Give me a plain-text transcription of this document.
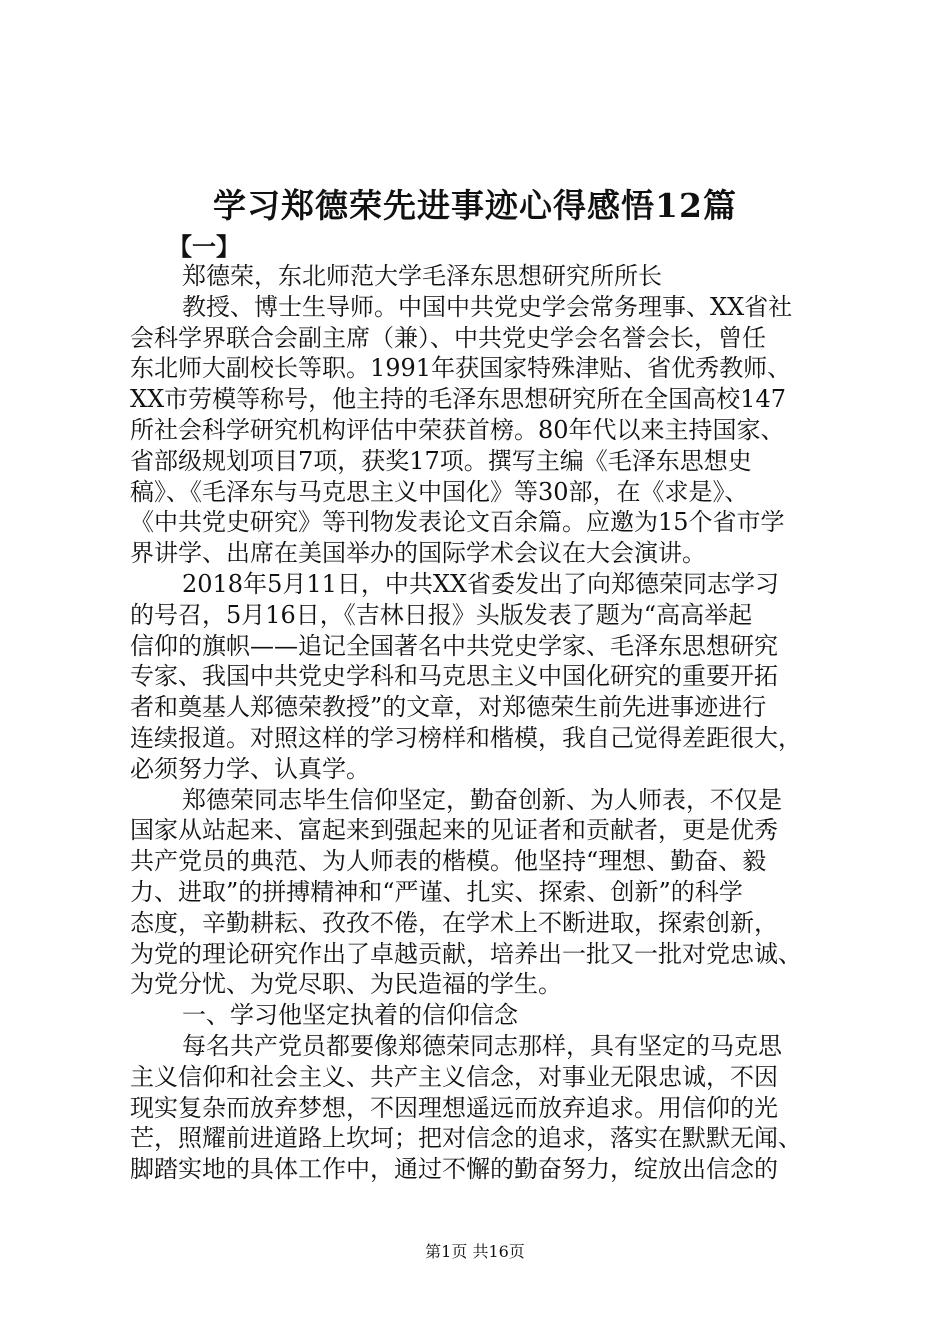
学习郑德荣先进事迹心得感悟12篇
【一】
郑德荣，东北师范大学毛泽东思想研究所所长
教授、博士生导师。中国中共党史学会常务理事、XX省社
会科学界联合会副主席（兼）、中共党史学会名誉会长，曾任
东北师大副校长等职。1991年获国家特殊津贴、省优秀教师、
XX市劳模等称号，他主持的毛泽东思想研究所在全国高校147
所社会科学研究机构评估中荣获首榜。80年代以来主持国家、
省部级规划项目7项，获奖17项。撰写主编《毛泽东思想史
稿》、《毛泽东与马克思主义中国化》等30部，在《求是》、
《中共党史研究》等刊物发表论文百余篇。应邀为15个省市学
界讲学、出席在美国举办的国际学术会议在大会演讲。
2018年5月11日，中共XX省委发出了向郑德荣同志学习
的号召，5月16日，《吉林日报》头版发表了题为“高高举起
信仰的旗帜——追记全国著名中共党史学家、毛泽东思想研究
专家、我国中共党史学科和马克思主义中国化研究的重要开拓
者和奠基人郑德荣教授”的文章，对郑德荣生前先进事迹进行
连续报道。对照这样的学习榜样和楷模，我自己觉得差距很大，
必须努力学、认真学。
郑德荣同志毕生信仰坚定，勤奋创新、为人师表，不仅是
国家从站起来、富起来到强起来的见证者和贡献者，更是优秀
共产党员的典范、为人师表的楷模。他坚持“理想、勤奋、毅
力、进取”的拼搏精神和“严谨、扎实、探索、创新”的科学
态度，辛勤耕耘、孜孜不倦，在学术上不断进取，探索创新，
为党的理论研究作出了卓越贡献，培养出一批又一批对党忠诚、
为党分忧、为党尽职、为民造福的学生。
一、学习他坚定执着的信仰信念
每名共产党员都要像郑德荣同志那样，具有坚定的马克思
主义信仰和社会主义、共产主义信念，对事业无限忠诚，不因
现实复杂而放弃梦想，不因理想遥远而放弃追求。用信仰的光
芒，照耀前进道路上坎坷；把对信念的追求，落实在默默无闻、
脚踏实地的具体工作中，通过不懈的勤奋努力，绽放出信念的
第1页 共16页
